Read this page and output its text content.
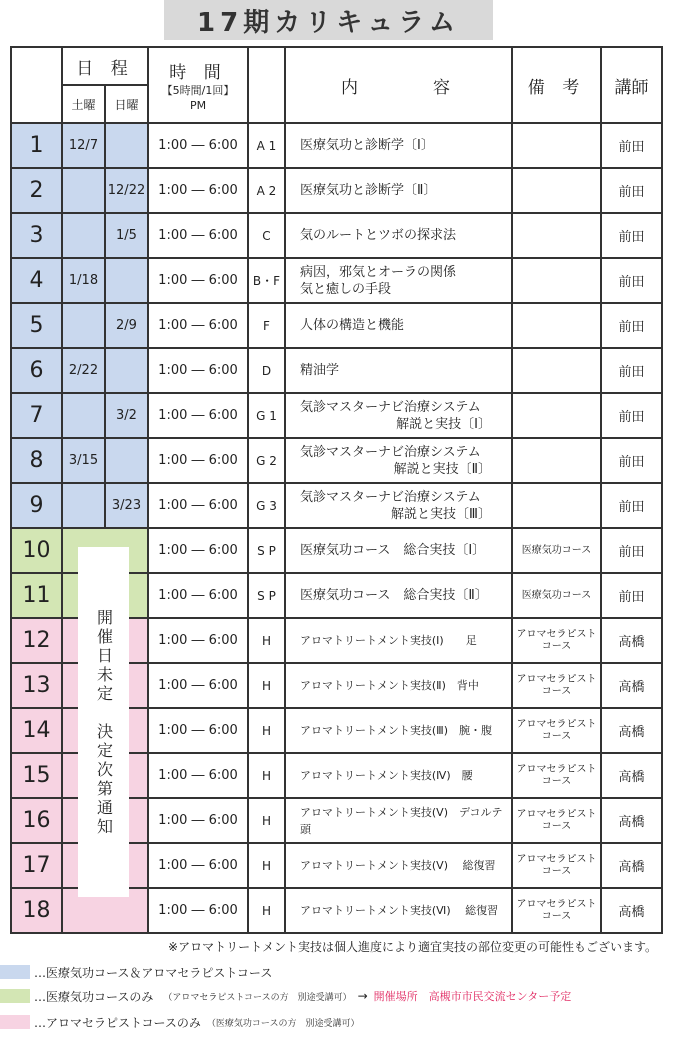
17期カリキュラム
	日 程		時 間
【5時間/1回】
PM		内　　　容	備 考	講師
	土曜	日曜					
1	12/7		1:00 ― 6:00	A 1	医療気功と診断学〔Ⅰ〕		前田
2		12/22	1:00 ― 6:00	A 2	医療気功と診断学〔Ⅱ〕		前田
3		1/5	1:00 ― 6:00	C	気のルートとツボの探求法		前田
4	1/18		1:00 ― 6:00	B・F	病因，邪気とオーラの関係
気と癒しの手段		前田
5		2/9	1:00 ― 6:00	F	人体の構造と機能		前田
6	2/22		1:00 ― 6:00	D	精油学		前田
7		3/2	1:00 ― 6:00	G 1	気診マスターナビ治療システム
解説と実技〔Ⅰ〕		前田
8	3/15		1:00 ― 6:00	G 2	気診マスターナビ治療システム
解説と実技〔Ⅱ〕		前田
9		3/23	1:00 ― 6:00	G 3	気診マスターナビ治療システム
解説と実技〔Ⅲ〕		前田
10			1:00 ― 6:00	S P	医療気功コース　総合実技〔Ⅰ〕	医療気功コース	前田
11			1:00 ― 6:00	S P	医療気功コース　総合実技〔Ⅱ〕	医療気功コース	前田
12			1:00 ― 6:00	H	アロマトリートメント実技(Ⅰ)　　足	アロマセラピスト
コース	高橋
13			1:00 ― 6:00	H	アロマトリートメント実技(Ⅱ)　背中	アロマセラピスト
コース	高橋
14			1:00 ― 6:00	H	アロマトリートメント実技(Ⅲ)　腕・腹	アロマセラピスト
コース	高橋
15			1:00 ― 6:00	H	アロマトリートメント実技(Ⅳ)　腰	アロマセラピスト
コース	高橋
16			1:00 ― 6:00	H	アロマトリートメント実技(Ⅴ)　デコルテ頭	アロマセラピスト
コース	高橋
17			1:00 ― 6:00	H	アロマトリートメント実技(Ⅴ)　 総復習	アロマセラピスト
コース	高橋
18			1:00 ― 6:00	H	アロマトリートメント実技(Ⅵ)　 総復習	アロマセラピスト
コース	高橋
開催日未定　決定次第通知
※アロマトリートメント実技は個人進度により適宜実技の部位変更の可能性もございます。
…医療気功コース＆アロマセラピストコース
…医療気功コースのみ （アロマセラピストコースの方　別途受講可） → 開催場所　高槻市市民交流センター予定
…アロマセラピストコースのみ （医療気功コースの方　別途受講可）
